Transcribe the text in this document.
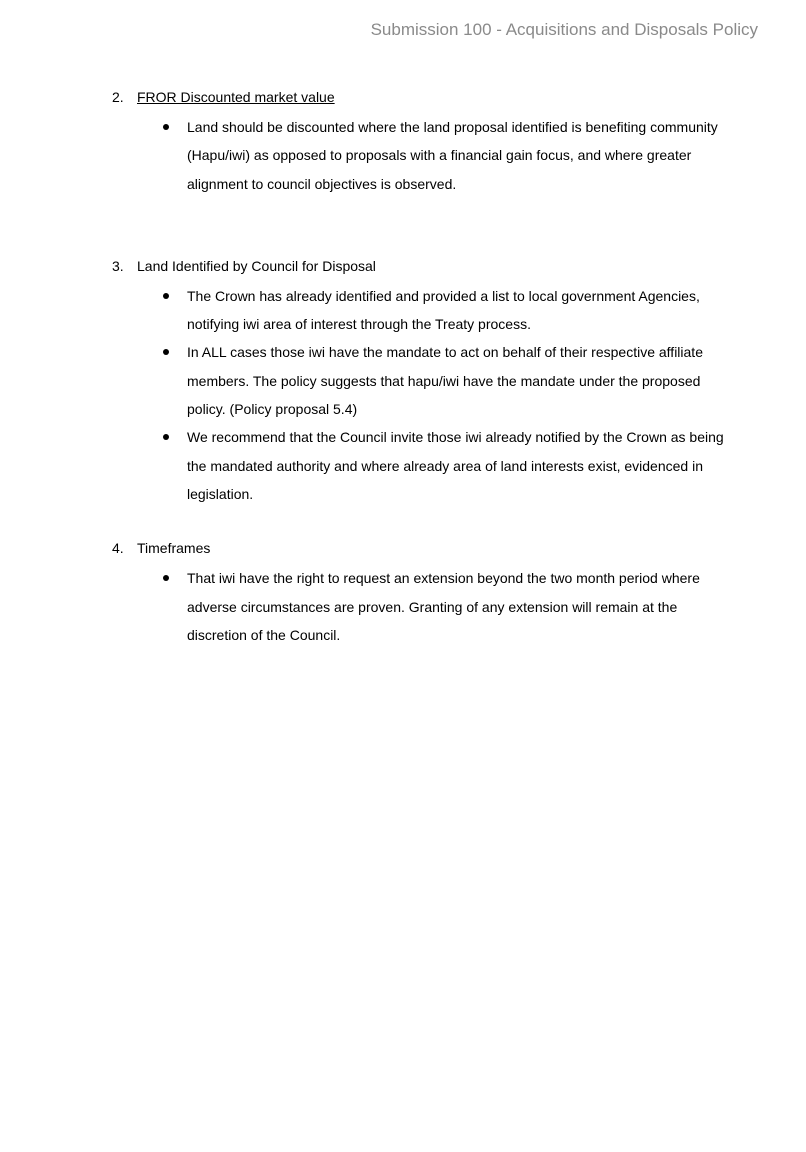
Submission 100 - Acquisitions and Disposals Policy
2. FROR Discounted market value
Land should be discounted where the land proposal identified is benefiting community (Hapu/iwi) as opposed to proposals with a financial gain focus, and where greater alignment to council objectives is observed.
3. Land Identified by Council for Disposal
The Crown has already identified and provided a list to local government Agencies, notifying iwi area of interest through the Treaty process.
In ALL cases those iwi have the mandate to act on behalf of their respective affiliate members. The policy suggests that hapu/iwi have the mandate under the proposed policy. (Policy proposal 5.4)
We recommend that the Council invite those iwi already notified by the Crown as being the mandated authority and where already area of land interests exist, evidenced in legislation.
4. Timeframes
That iwi have the right to request an extension beyond the two month period where adverse circumstances are proven. Granting of any extension will remain at the discretion of the Council.
